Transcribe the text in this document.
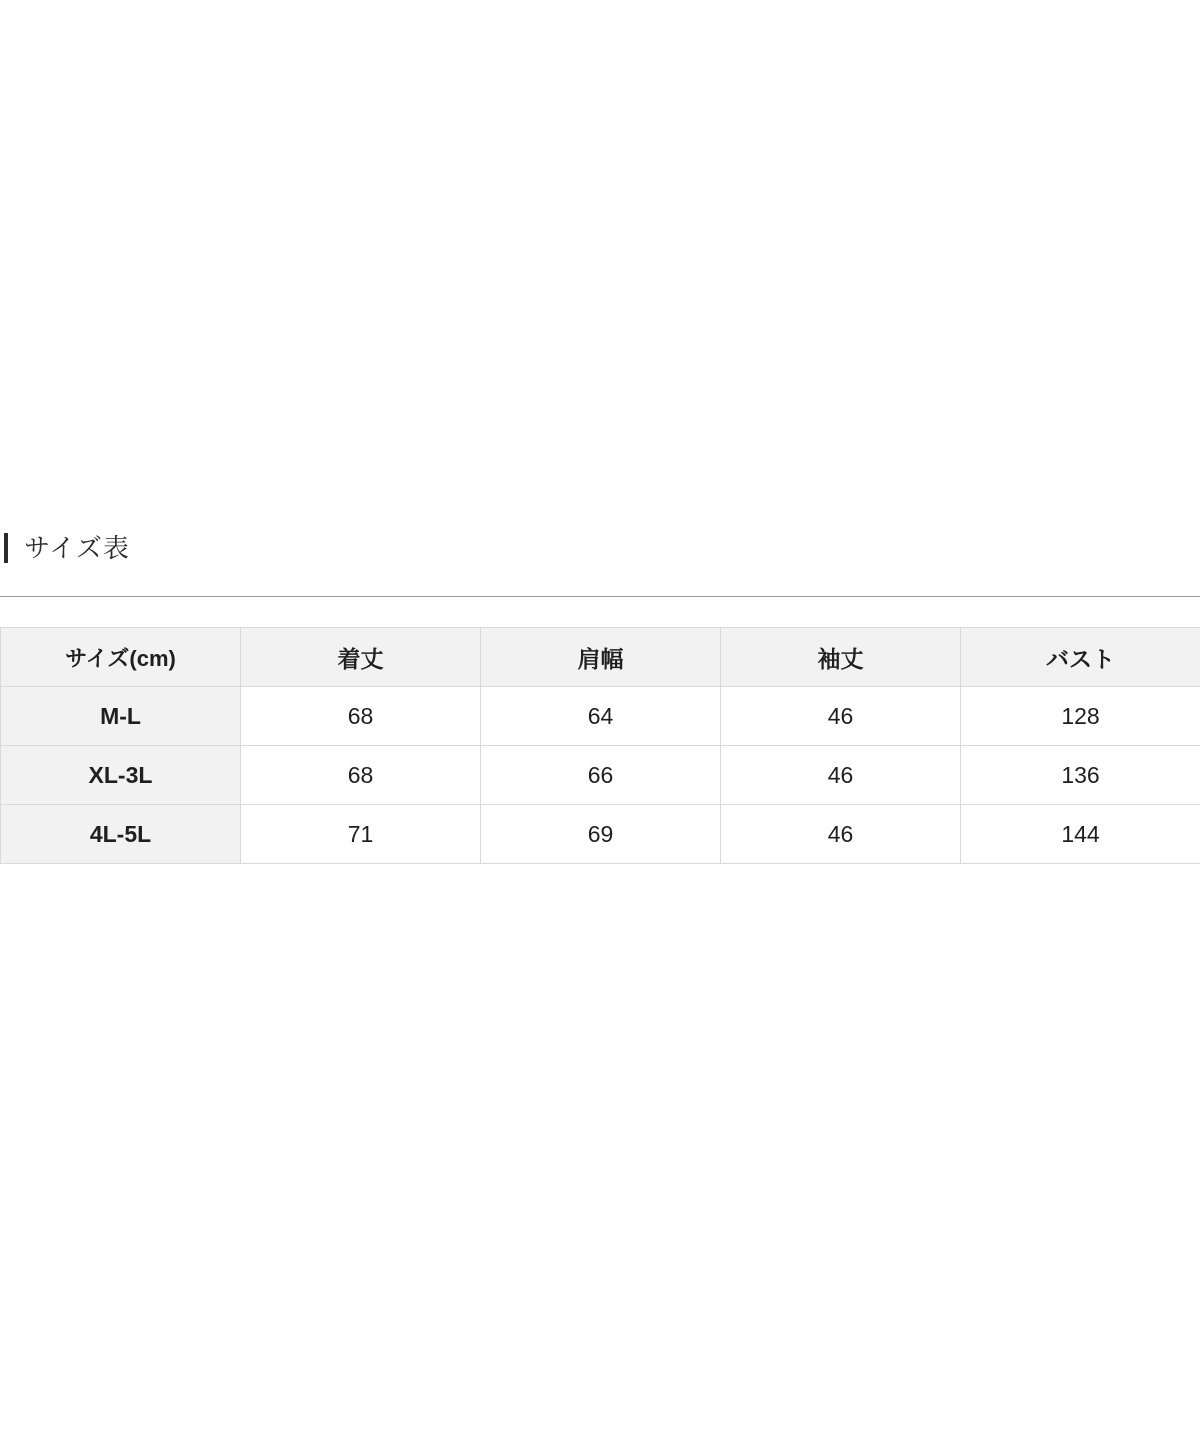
サイズ表
サイズ(cm)	着丈	肩幅	袖丈	バスト
M-L	68	64	46	128
XL-3L	68	66	46	136
4L-5L	71	69	46	144
